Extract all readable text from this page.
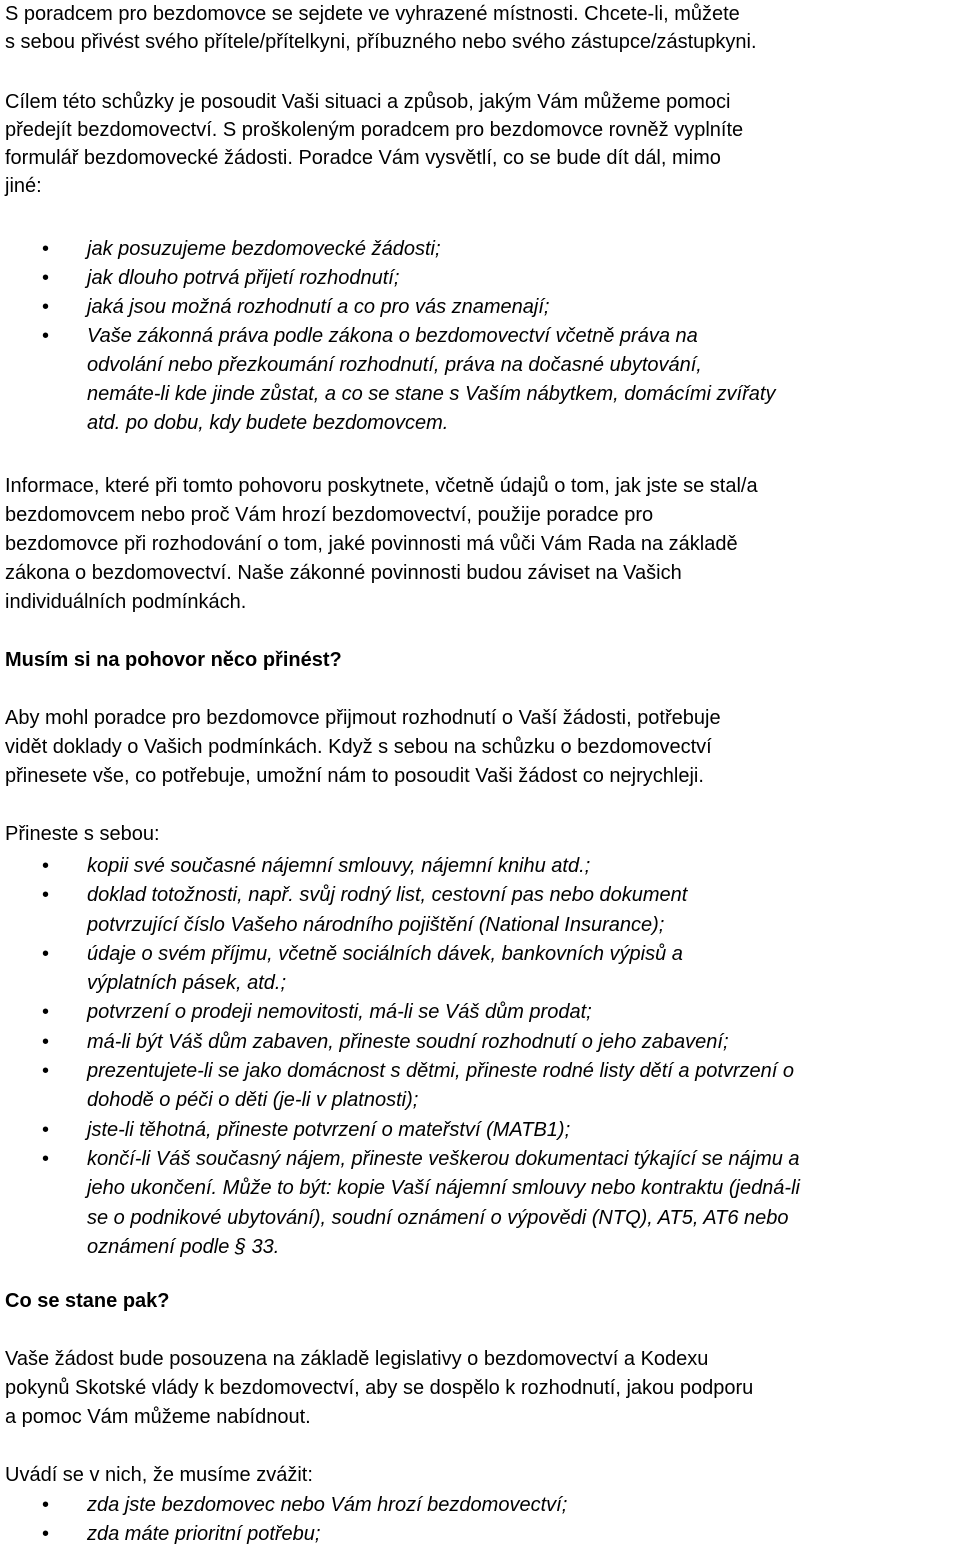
S poradcem pro bezdomovce se sejdete ve vyhrazené místnosti. Chcete-li, můžete
s sebou přivést svého přítele/přítelkyni, příbuzného nebo svého zástupce/zástupkyni.

Cílem této schůzky je posoudit Vaši situaci a způsob, jakým Vám můžeme pomoci
předejít bezdomovectví. S proškoleným poradcem pro bezdomovce rovněž vyplníte
formulář bezdomovecké žádosti. Poradce Vám vysvětlí, co se bude dít dál, mimo
jiné:

• jak posuzujeme bezdomovecké žádosti;
• jak dlouho potrvá přijetí rozhodnutí;
• jaká jsou možná rozhodnutí a co pro vás znamenají;
• Vaše zákonná práva podle zákona o bezdomovectví včetně práva na
odvolání nebo přezkoumání rozhodnutí, práva na dočasné ubytování,
nemáte-li kde jinde zůstat, a co se stane s Vaším nábytkem, domácími zvířaty
atd. po dobu, kdy budete bezdomovcem.

Informace, které při tomto pohovoru poskytnete, včetně údajů o tom, jak jste se stal/a
bezdomovcem nebo proč Vám hrozí bezdomovectví, použije poradce pro
bezdomovce při rozhodování o tom, jaké povinnosti má vůči Vám Rada na základě
zákona o bezdomovectví. Naše zákonné povinnosti budou záviset na Vašich
individuálních podmínkách.

Musím si na pohovor něco přinést?

Aby mohl poradce pro bezdomovce přijmout rozhodnutí o Vaší žádosti, potřebuje
vidět doklady o Vašich podmínkách. Když s sebou na schůzku o bezdomovectví
přinesete vše, co potřebuje, umožní nám to posoudit Vaši žádost co nejrychleji.

Přineste s sebou:

• kopii své současné nájemní smlouvy, nájemní knihu atd.;
• doklad totožnosti, např. svůj rodný list, cestovní pas nebo dokument
potvrzující číslo Vašeho národního pojištění (National Insurance);
• údaje o svém příjmu, včetně sociálních dávek, bankovních výpisů a
výplatních pásek, atd.;
• potvrzení o prodeji nemovitosti, má-li se Váš dům prodat;
• má-li být Váš dům zabaven, přineste soudní rozhodnutí o jeho zabavení;
• prezentujete-li se jako domácnost s dětmi, přineste rodné listy dětí a potvrzení o
dohodě o péči o děti (je-li v platnosti);
• jste-li těhotná, přineste potvrzení o mateřství (MATB1);
• končí-li Váš současný nájem, přineste veškerou dokumentaci týkající se nájmu a
jeho ukončení. Může to být: kopie Vaší nájemní smlouvy nebo kontraktu (jedná-li
se o podnikové ubytování), soudní oznámení o výpovědi (NTQ), AT5, AT6 nebo
oznámení podle § 33.

Co se stane pak?

Vaše žádost bude posouzena na základě legislativy o bezdomovectví a Kodexu
pokynů Skotské vlády k bezdomovectví, aby se dospělo k rozhodnutí, jakou podporu
a pomoc Vám můžeme nabídnout.

Uvádí se v nich, že musíme zvážit:

• zda jste bezdomovec nebo Vám hrozí bezdomovectví;
• zda máte prioritní potřebu;
